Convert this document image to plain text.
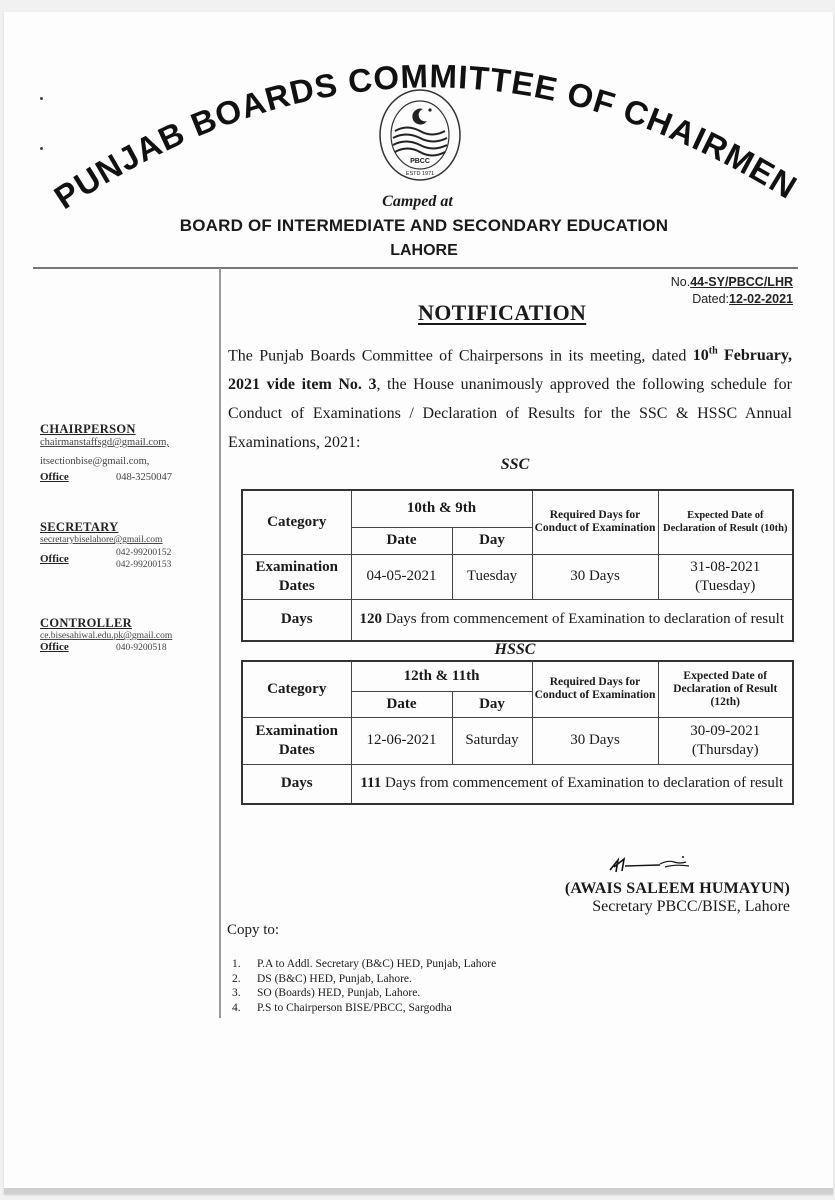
PUNJAB BOARDS COMMITTEE OF CHAIRMEN
PBCC
ESTD 1971
Camped at
BOARD OF INTERMEDIATE AND SECONDARY EDUCATION
LAHORE
No.44-SY/PBCC/LHR
Dated:12-02-2021
CHAIRPERSON
chairmanstaffsgd@gmail.com,
itsectionbise@gmail.com,
Office	048-3250047
SECRETARY
secretarybiselahore@gmail.com
Office	042-99200152
042-99200153
CONTROLLER
ce.bisesahiwal.edu.pk@gmail.com
Office	040-9200518
NOTIFICATION
The Punjab Boards Committee of Chairpersons in its meeting, dated 10th February, 2021 vide item No. 3, the House unanimously approved the following schedule for Conduct of Examinations / Declaration of Results for the SSC & HSSC Annual Examinations, 2021:
SSC
Category	10th & 9th		Required Days for Conduct of Examination	Expected Date of Declaration of Result (10th)
	Date	Day		
Examination Dates	04-05-2021	Tuesday	30 Days	31-08-2021
(Tuesday)

Days	120 Days from commencement of Examination to declaration of result			
HSSC
Category	12th & 11th		Required Days for Conduct of Examination	Expected Date of Declaration of Result (12th)
	Date	Day		
Examination Dates	12-06-2021	Saturday	30 Days	30-09-2021
(Thursday)

Days	111 Days from commencement of Examination to declaration of result			
(AWAIS SALEEM HUMAYUN)
Secretary PBCC/BISE, Lahore
Copy to:
1.	P.A to Addl. Secretary (B&C) HED, Punjab, Lahore
2.	DS (B&C) HED, Punjab, Lahore.
3.	SO (Boards) HED, Punjab, Lahore.
4.	P.S to Chairperson BISE/PBCC, Sargodha
